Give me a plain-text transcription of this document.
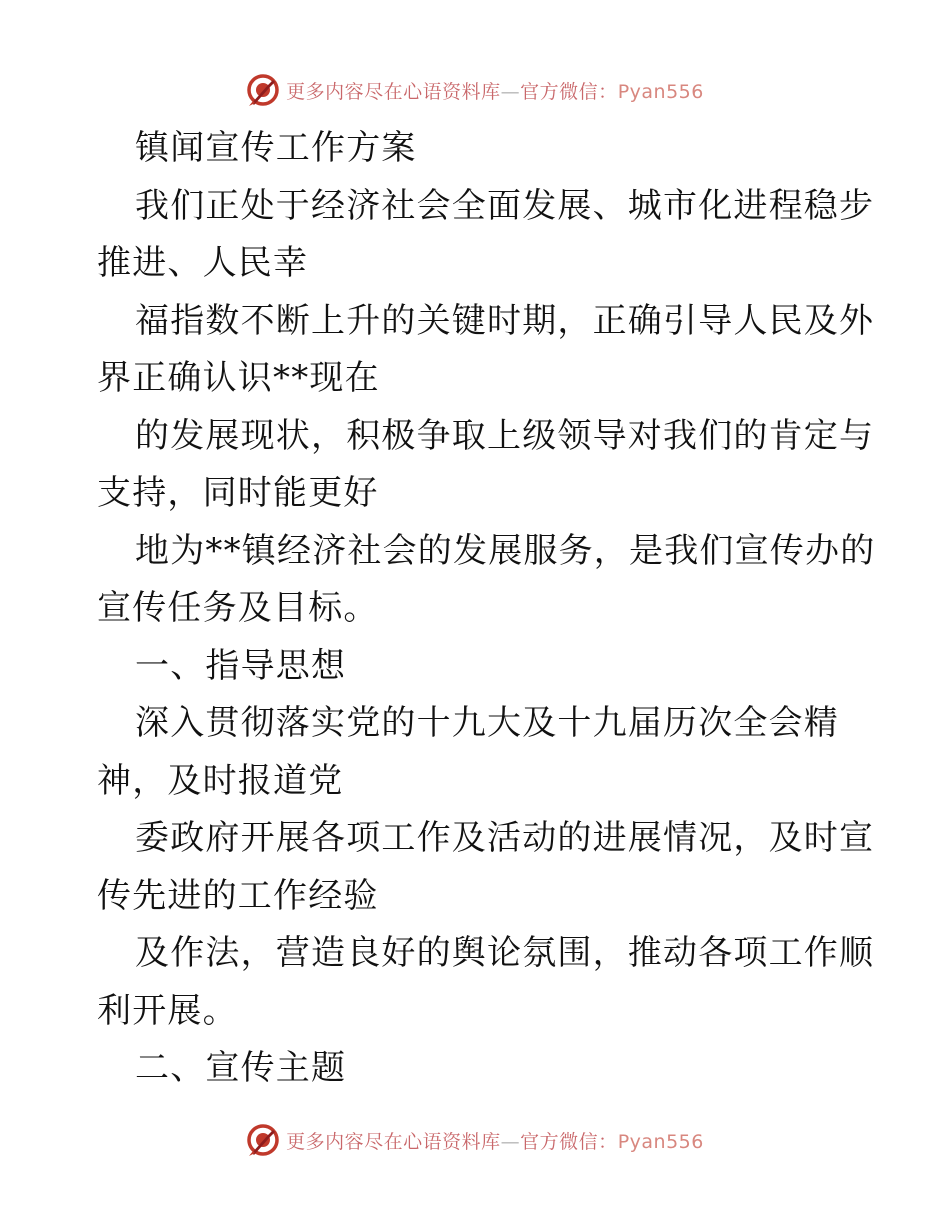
更多内容尽在心语资料库—官方微信：Pyan556
镇闻宣传工作方案
我们正处于经济社会全面发展、城市化进程稳步
推进、人民幸
福指数不断上升的关键时期，正确引导人民及外
界正确认识**现在
的发展现状，积极争取上级领导对我们的肯定与
支持，同时能更好
地为**镇经济社会的发展服务，是我们宣传办的
宣传任务及目标。
一、指导思想
深入贯彻落实党的十九大及十九届历次全会精
神，及时报道党
委政府开展各项工作及活动的进展情况，及时宣
传先进的工作经验
及作法，营造良好的舆论氛围，推动各项工作顺
利开展。
二、宣传主题
更多内容尽在心语资料库—官方微信：Pyan556
